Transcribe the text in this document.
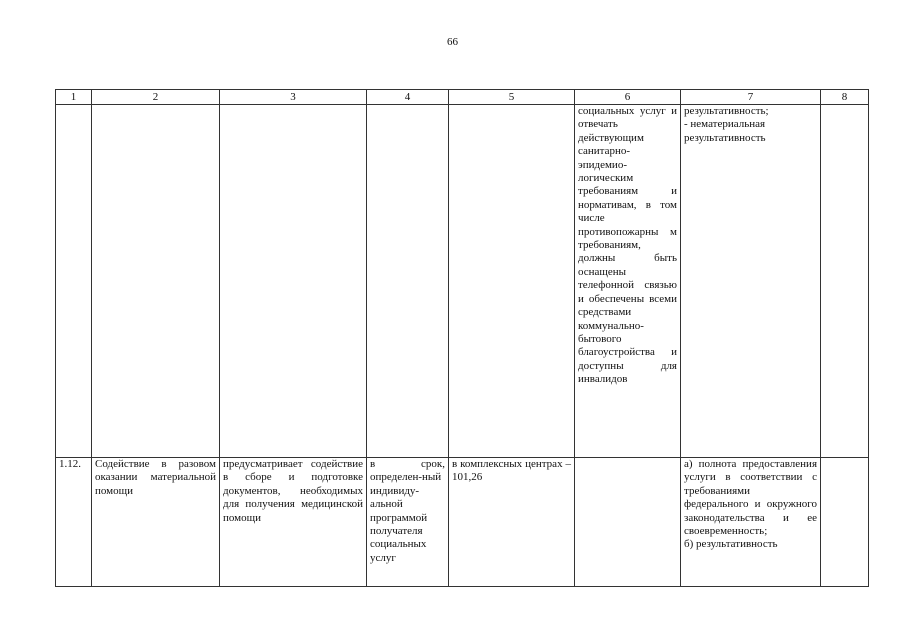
66
1	2	3	4	5	6	7	8
					социальных услуг и отвечать действующим санитарно-эпидемио-логическим требованиям и нормативам, в том числе противопожарны м требованиям, должны быть оснащены телефонной связью и обеспечены всеми средствами коммунально-бытового благоустройства и доступны для инвалидов	результативность;
- нематериальная результативность	
1.12.	Содействие в разовом оказании материальной помощи	предусматривает содействие в сборе и подготовке документов, необходимых для получения медицинской помощи	в срок, определен-ный индивиду-альной программой получателя социальных услуг	в комплексных центрах – 101,26		а) полнота предоставления услуги в соответствии с требованиями федерального и окружного законодательства и ее своевременность;
б) результативность	
